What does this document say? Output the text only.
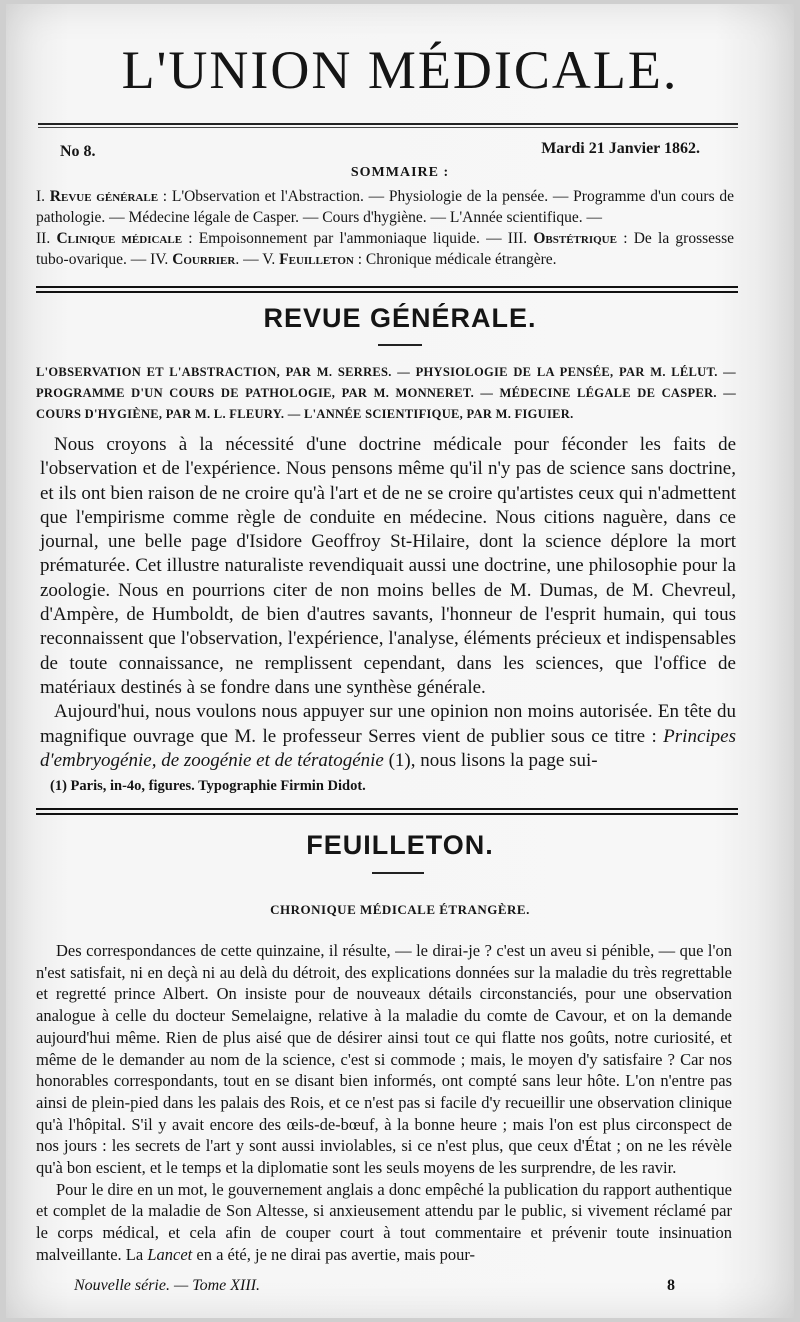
L'UNION MÉDICALE.
No 8.	Mardi 21 Janvier 1862.
SOMMAIRE :

I. Revue générale : L'Observation et l'Abstraction. — Physiologie de la pensée. — Programme d'un cours de pathologie. — Médecine légale de Casper. — Cours d'hygiène. — L'Année scientifique. —

II. Clinique médicale : Empoisonnement par l'ammoniaque liquide. — III. Obstétrique : De la grossesse tubo-ovarique. — IV. Courrier. — V. Feuilleton : Chronique médicale étrangère.

REVUE GÉNÉRALE.

L'OBSERVATION ET L'ABSTRACTION, PAR M. SERRES. — PHYSIOLOGIE DE LA PENSÉE, PAR M. LÉLUT. — PROGRAMME D'UN COURS DE PATHOLOGIE, PAR M. MONNERET. — MÉDECINE LÉGALE DE CASPER. — COURS D'HYGIÈNE, PAR M. L. FLEURY. — L'ANNÉE SCIENTIFIQUE, PAR M. FIGUIER.

Nous croyons à la nécessité d'une doctrine médicale pour féconder les faits de l'observation et de l'expérience. Nous pensons même qu'il n'y pas de science sans doctrine, et ils ont bien raison de ne croire qu'à l'art et de ne se croire qu'artistes ceux qui n'admettent que l'empirisme comme règle de conduite en médecine. Nous citions naguère, dans ce journal, une belle page d'Isidore Geoffroy St-Hilaire, dont la science déplore la mort prématurée. Cet illustre naturaliste revendiquait aussi une doctrine, une philosophie pour la zoologie. Nous en pourrions citer de non moins belles de M. Dumas, de M. Chevreul, d'Ampère, de Humboldt, de bien d'autres savants, l'honneur de l'esprit humain, qui tous reconnaissent que l'observation, l'expérience, l'analyse, éléments précieux et indispensables de toute connaissance, ne remplissent cependant, dans les sciences, que l'office de matériaux destinés à se fondre dans une synthèse générale.

Aujourd'hui, nous voulons nous appuyer sur une opinion non moins autorisée. En tête du magnifique ouvrage que M. le professeur Serres vient de publier sous ce titre : Principes d'embryogénie, de zoogénie et de tératogénie (1), nous lisons la page sui-

(1) Paris, in-4o, figures. Typographie Firmin Didot.
FEUILLETON.
CHRONIQUE MÉDICALE ÉTRANGÈRE.

Des correspondances de cette quinzaine, il résulte, — le dirai-je ? c'est un aveu si pénible, — que l'on n'est satisfait, ni en deçà ni au delà du détroit, des explications données sur la maladie du très regrettable et regretté prince Albert. On insiste pour de nouveaux détails circonstanciés, pour une observation analogue à celle du docteur Semelaigne, relative à la maladie du comte de Cavour, et on la demande aujourd'hui même. Rien de plus aisé que de désirer ainsi tout ce qui flatte nos goûts, notre curiosité, et même de le demander au nom de la science, c'est si commode ; mais, le moyen d'y satisfaire ? Car nos honorables correspondants, tout en se disant bien informés, ont compté sans leur hôte. L'on n'entre pas ainsi de plein-pied dans les palais des Rois, et ce n'est pas si facile d'y recueillir une observation clinique qu'à l'hôpital. S'il y avait encore des œils-de-bœuf, à la bonne heure ; mais l'on est plus circonspect de nos jours : les secrets de l'art y sont aussi inviolables, si ce n'est plus, que ceux d'État ; on ne les révèle qu'à bon escient, et le temps et la diplomatie sont les seuls moyens de les surprendre, de les ravir.

Pour le dire en un mot, le gouvernement anglais a donc empêché la publication du rapport authentique et complet de la maladie de Son Altesse, si anxieusement attendu par le public, si vivement réclamé par le corps médical, et cela afin de couper court à tout commentaire et prévenir toute insinuation malveillante. La Lancet en a été, je ne dirai pas avertie, mais pour-

Nouvelle série. — Tome XIII.	8
